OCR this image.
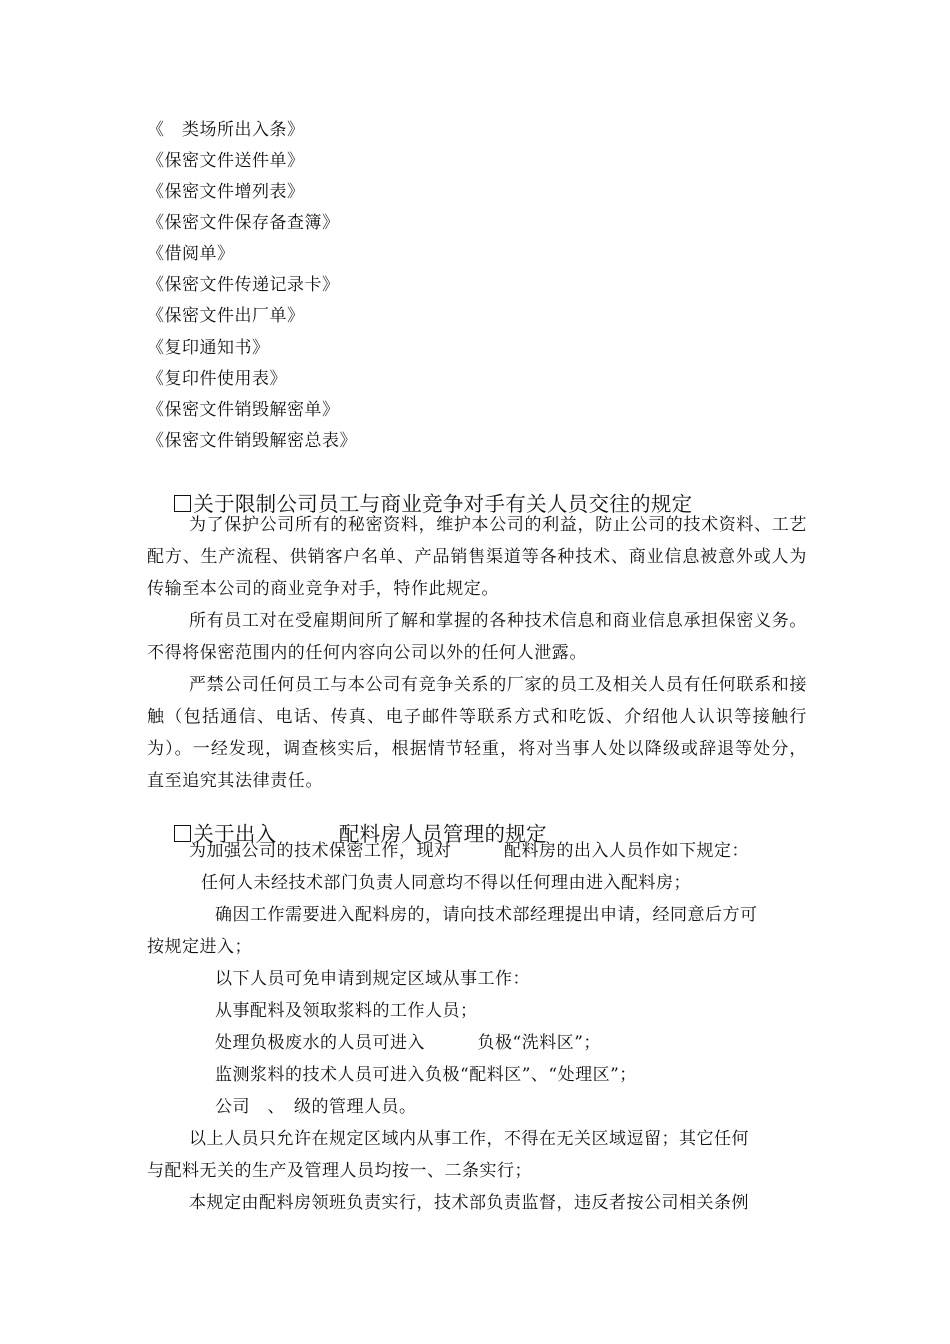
《　类场所出入条》
《保密文件送件单》
《保密文件增列表》
《保密文件保存备查簿》
《借阅单》
《保密文件传递记录卡》
《保密文件出厂单》
《复印通知书》
《复印件使用表》
《保密文件销毁解密单》
《保密文件销毁解密总表》

关于限制公司员工与商业竞争对手有关人员交往的规定

为了保护公司所有的秘密资料，维护本公司的利益，防止公司的技术资料、工艺配方、生产流程、供销客户名单、产品销售渠道等各种技术、商业信息被意外或人为传输至本公司的商业竞争对手，特作此规定。

所有员工对在受雇期间所了解和掌握的各种技术信息和商业信息承担保密义务。不得将保密范围内的任何内容向公司以外的任何人泄露。

严禁公司任何员工与本公司有竞争关系的厂家的员工及相关人员有任何联系和接触（包括通信、电话、传真、电子邮件等联系方式和吃饭、介绍他人认识等接触行为）。一经发现，调查核实后，根据情节轻重，将对当事人处以降级或辞退等处分，直至追究其法律责任。

关于出入　　　配料房人员管理的规定

为加强公司的技术保密工作，现对　　　配料房的出入人员作如下规定：
任何人未经技术部门负责人同意均不得以任何理由进入配料房；
确因工作需要进入配料房的，请向技术部经理提出申请，经同意后方可
按规定进入；
以下人员可免申请到规定区域从事工作：
从事配料及领取浆料的工作人员；
处理负极废水的人员可进入　　　负极“洗料区”；
监测浆料的技术人员可进入负极“配料区”、“处理区”；
公司　、　级的管理人员。
以上人员只允许在规定区域内从事工作，不得在无关区域逗留；其它任何
与配料无关的生产及管理人员均按一、二条实行；
本规定由配料房领班负责实行，技术部负责监督，违反者按公司相关条例
